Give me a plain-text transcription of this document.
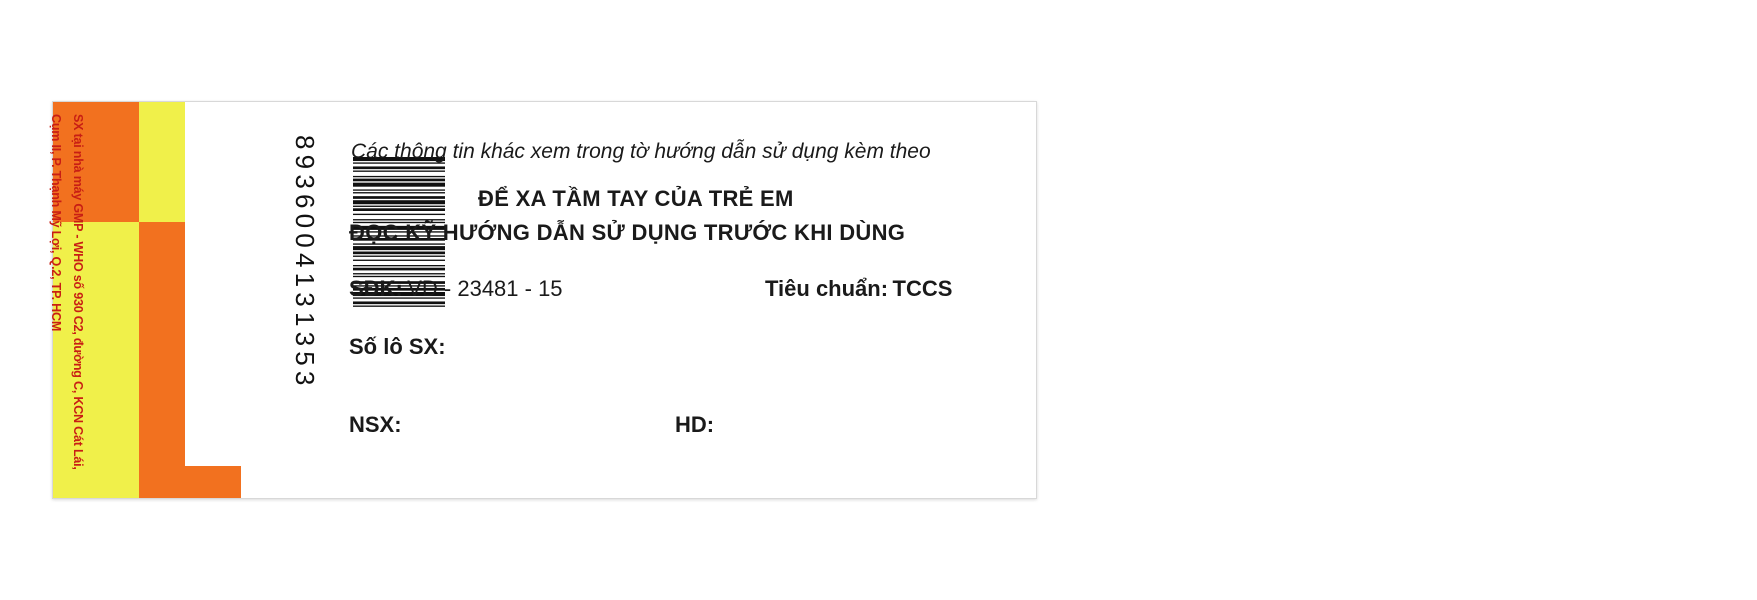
SX tại nhà máy GMP - WHO số 930 C2, đường C, KCN Cát Lái,
Cụm II, P. Thạnh Mỹ Lợi, Q.2, TP. HCM	8936004131353 Các thông tin khác xem trong tờ hướng dẫn sử dụng kèm theo
ĐỂ XA TẦM TAY CỦA TRẺ EM
ĐỌC KỸ HƯỚNG DẪN SỬ DỤNG TRƯỚC KHI DÙNG
SĐK: VD - 23481 - 15	Tiêu chuẩn: TCCS
Số lô SX:
NSX:	HD:
